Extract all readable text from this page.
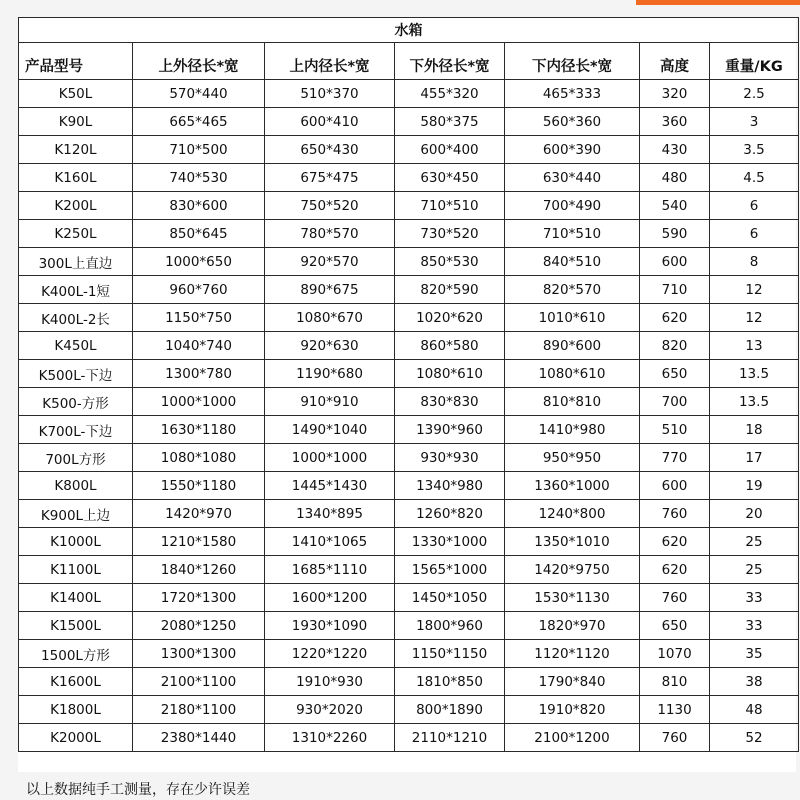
水箱						
产品型号	上外径长*宽	上内径长*宽	下外径长*宽	下内径长*宽	高度	重量/KG
K50L	570*440	510*370	455*320	465*333	320	2.5
K90L	665*465	600*410	580*375	560*360	360	3
K120L	710*500	650*430	600*400	600*390	430	3.5
K160L	740*530	675*475	630*450	630*440	480	4.5
K200L	830*600	750*520	710*510	700*490	540	6
K250L	850*645	780*570	730*520	710*510	590	6
300L上直边	1000*650	920*570	850*530	840*510	600	8
K400L-1短	960*760	890*675	820*590	820*570	710	12
K400L-2长	1150*750	1080*670	1020*620	1010*610	620	12
K450L	1040*740	920*630	860*580	890*600	820	13
K500L-下边	1300*780	1190*680	1080*610	1080*610	650	13.5
K500-方形	1000*1000	910*910	830*830	810*810	700	13.5
K700L-下边	1630*1180	1490*1040	1390*960	1410*980	510	18
700L方形	1080*1080	1000*1000	930*930	950*950	770	17
K800L	1550*1180	1445*1430	1340*980	1360*1000	600	19
K900L上边	1420*970	1340*895	1260*820	1240*800	760	20
K1000L	1210*1580	1410*1065	1330*1000	1350*1010	620	25
K1100L	1840*1260	1685*1110	1565*1000	1420*9750	620	25
K1400L	1720*1300	1600*1200	1450*1050	1530*1130	760	33
K1500L	2080*1250	1930*1090	1800*960	1820*970	650	33
1500L方形	1300*1300	1220*1220	1150*1150	1120*1120	1070	35
K1600L	2100*1100	1910*930	1810*850	1790*840	810	38
K1800L	2180*1100	930*2020	800*1890	1910*820	1130	48
K2000L	2380*1440	1310*2260	2110*1210	2100*1200	760	52
以上数据纯手工测量，存在少许误差
